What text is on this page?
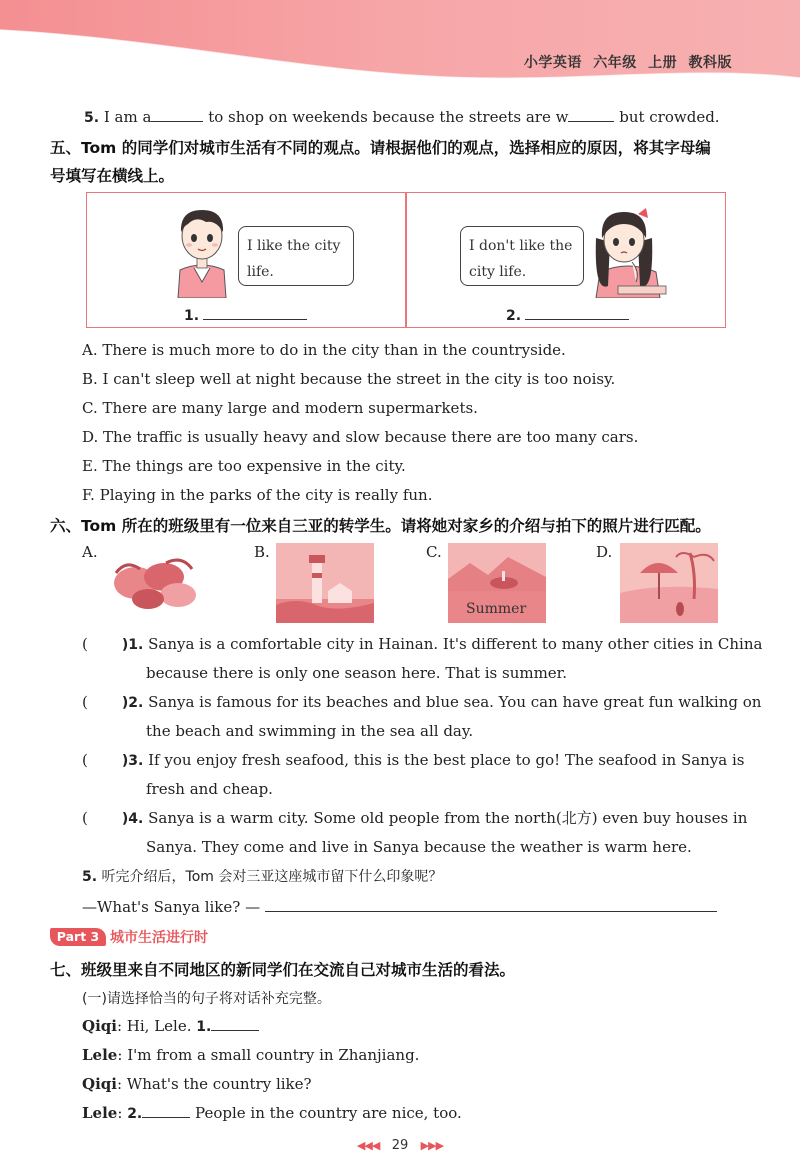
小学英语 六年级 上册 教科版
5. I am a	to shop on weekends because the streets are w	but crowded.
五、Tom 的同学们对城市生活有不同的观点。请根据他们的观点，选择相应的原因，将其字母编
号填写在横线上。
I like the city life.
I don't like the city life.
1.	2.
A. There is much more to do in the city than in the countryside.
B. I can't sleep well at night because the street in the city is too noisy.
C. There are many large and modern supermarkets.
D. The traffic is usually heavy and slow because there are too many cars.
E. The things are too expensive in the city.
F. Playing in the parks of the city is really fun.
六、Tom 所在的班级里有一位来自三亚的转学生。请将她对家乡的介绍与拍下的照片进行匹配。
A.	B.	C.
Summer
D.
( )1. Sanya is a comfortable city in Hainan. It's different to many other cities in China
because there is only one season here. That is summer.
( )2. Sanya is famous for its beaches and blue sea. You can have great fun walking on
the beach and swimming in the sea all day.
( )3. If you enjoy fresh seafood, this is the best place to go! The seafood in Sanya is
fresh and cheap.
( )4. Sanya is a warm city. Some old people from the north(北方) even buy houses in
Sanya. They come and live in Sanya because the weather is warm here.
5. 听完介绍后，Tom 会对三亚这座城市留下什么印象呢？
—What's Sanya like? —
Part 3 城市生活进行时
七、班级里来自不同地区的新同学们在交流自己对城市生活的看法。
(一)请选择恰当的句子将对话补充完整。
Qiqi: Hi, Lele. 1.
Lele: I'm from a small country in Zhanjiang.
Qiqi: What's the country like?
Lele: 2.	People in the country are nice, too.
◀◀◀ 29 ▶▶▶
